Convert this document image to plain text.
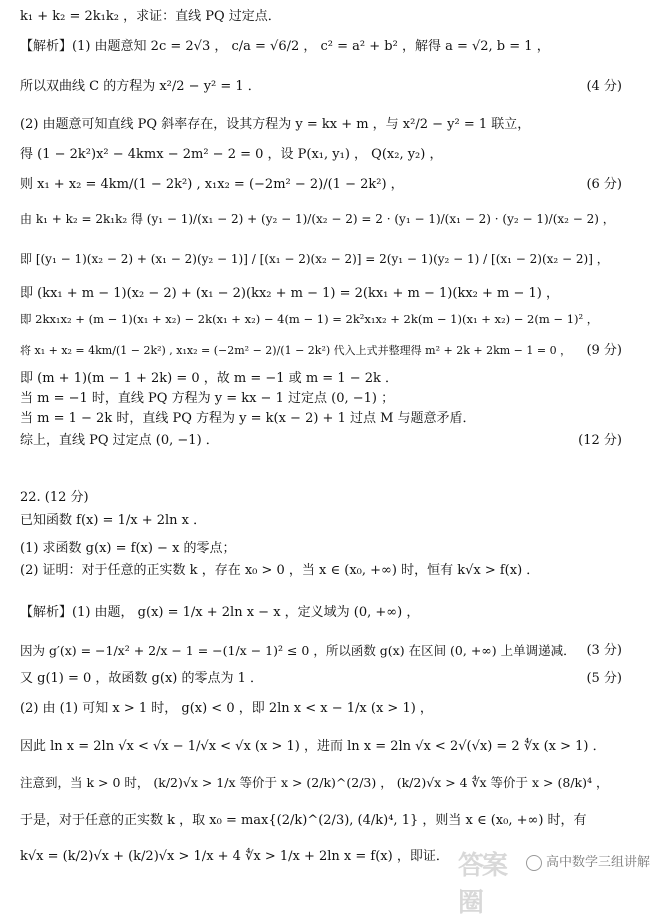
k₁ + k₂ = 2k₁k₂ ，求证：直线 PQ 过定点．
【解析】(1) 由题意知 2c = 2√3 ， c/a = √6/2 ， c² = a² + b² ，解得 a = √2, b = 1 ，
所以双曲线 C 的方程为 x²/2 − y² = 1 ．	(4 分)
(2) 由题意可知直线 PQ 斜率存在，设其方程为 y = kx + m ，与 x²/2 − y² = 1 联立，
得 (1 − 2k²)x² − 4kmx − 2m² − 2 = 0 ，设 P(x₁, y₁) ， Q(x₂, y₂) ，
则 x₁ + x₂ = 4km/(1 − 2k²) , x₁x₂ = (−2m² − 2)/(1 − 2k²) ，	(6 分)
由 k₁ + k₂ = 2k₁k₂ 得 (y₁ − 1)/(x₁ − 2) + (y₂ − 1)/(x₂ − 2) = 2 · (y₁ − 1)/(x₁ − 2) · (y₂ − 1)/(x₂ − 2) ，
即 [(y₁ − 1)(x₂ − 2) + (x₁ − 2)(y₂ − 1)] / [(x₁ − 2)(x₂ − 2)] = 2(y₁ − 1)(y₂ − 1) / [(x₁ − 2)(x₂ − 2)] ，
即 (kx₁ + m − 1)(x₂ − 2) + (x₁ − 2)(kx₂ + m − 1) = 2(kx₁ + m − 1)(kx₂ + m − 1) ，
即 2kx₁x₂ + (m − 1)(x₁ + x₂) − 2k(x₁ + x₂) − 4(m − 1) = 2k²x₁x₂ + 2k(m − 1)(x₁ + x₂) − 2(m − 1)² ，
将 x₁ + x₂ = 4km/(1 − 2k²) , x₁x₂ = (−2m² − 2)/(1 − 2k²) 代入上式并整理得 m² + 2k + 2km − 1 = 0 ， (9 分)
即 (m + 1)(m − 1 + 2k) = 0 ，故 m = −1 或 m = 1 − 2k ．
当 m = −1 时，直线 PQ 方程为 y = kx − 1 过定点 (0, −1) ；
当 m = 1 − 2k 时，直线 PQ 方程为 y = k(x − 2) + 1 过点 M 与题意矛盾．
综上，直线 PQ 过定点 (0, −1) ．	(12 分)
22. (12 分)
已知函数 f(x) = 1/x + 2ln x ．
(1) 求函数 g(x) = f(x) − x 的零点；
(2) 证明：对于任意的正实数 k ，存在 x₀ > 0 ，当 x ∈ (x₀, +∞) 时，恒有 k√x > f(x) ．
【解析】(1) 由题， g(x) = 1/x + 2ln x − x ，定义域为 (0, +∞) ，
因为 g′(x) = −1/x² + 2/x − 1 = −(1/x − 1)² ≤ 0 ，所以函数 g(x) 在区间 (0, +∞) 上单调递减． (3 分)
又 g(1) = 0 ，故函数 g(x) 的零点为 1 ．	(5 分)
(2) 由 (1) 可知 x > 1 时， g(x) < 0 ，即 2ln x < x − 1/x (x > 1) ，
因此 ln x = 2ln √x < √x − 1/√x < √x (x > 1) ，进而 ln x = 2ln √x < 2√(√x) = 2 ∜x (x > 1) ．
注意到，当 k > 0 时， (k/2)√x > 1/x 等价于 x > (2/k)^(2/3) ， (k/2)√x > 4 ∜x 等价于 x > (8/k)⁴ ，
于是，对于任意的正实数 k ，取 x₀ = max{(2/k)^(2/3), (4/k)⁴, 1} ，则当 x ∈ (x₀, +∞) 时，有
k√x = (k/2)√x + (k/2)√x > 1/x + 4 ∜x > 1/x + 2ln x = f(x) ，即证． 答案圈
高中数学三组讲解
